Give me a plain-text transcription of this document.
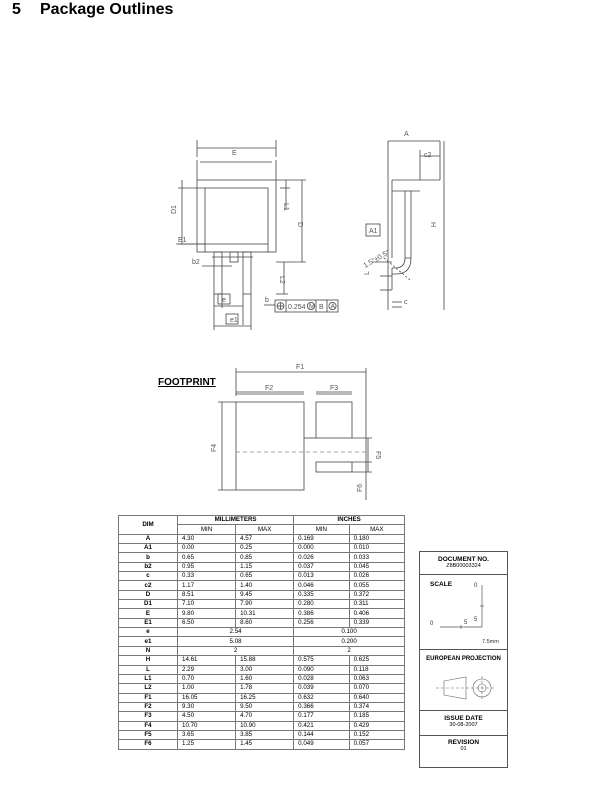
5 Package Outlines
E
D1	L1
D
E1
b2
L2
b
e
e1
0.254 M B A
A
c2
H
A1
L
c
1.5°±0.5°
F1
F2	F3
F4
F5
F6
FOOTPRINT
DIM	MILLIMETERS		INCHES	
	MIN	MAX	MIN	MAX
A	4.30	4.57	0.169	0.180
A1	0.00	0.25	0.000	0.010
b	0.65	0.85	0.026	0.033
b2	0.95	1.15	0.037	0.045
c	0.33	0.65	0.013	0.026
c2	1.17	1.40	0.046	0.055
D	8.51	9.45	0.335	0.372
D1	7.10	7.90	0.280	0.311
E	9.80	10.31	0.386	0.406
E1	6.50	8.60	0.256	0.339
e	2.54		0.100	
e1	5.08		0.200	
N	2		2	
H	14.61	15.88	0.575	0.625
L	2.29	3.00	0.090	0.118
L1	0.70	1.60	0.028	0.063
L2	1.00	1.78	0.039	0.070
F1	16.05	16.25	0.632	0.640
F2	9.30	9.50	0.366	0.374
F3	4.50	4.70	0.177	0.185
F4	10.70	10.90	0.421	0.429
F5	3.65	3.85	0.144	0.152
F6	1.25	1.45	0.049	0.057
DOCUMENT NO.
Z8B00003324
SCALE	0
5
0	5
7.5mm
EUROPEAN PROJECTION
ISSUE DATE
30-08-2007
REVISION
01
